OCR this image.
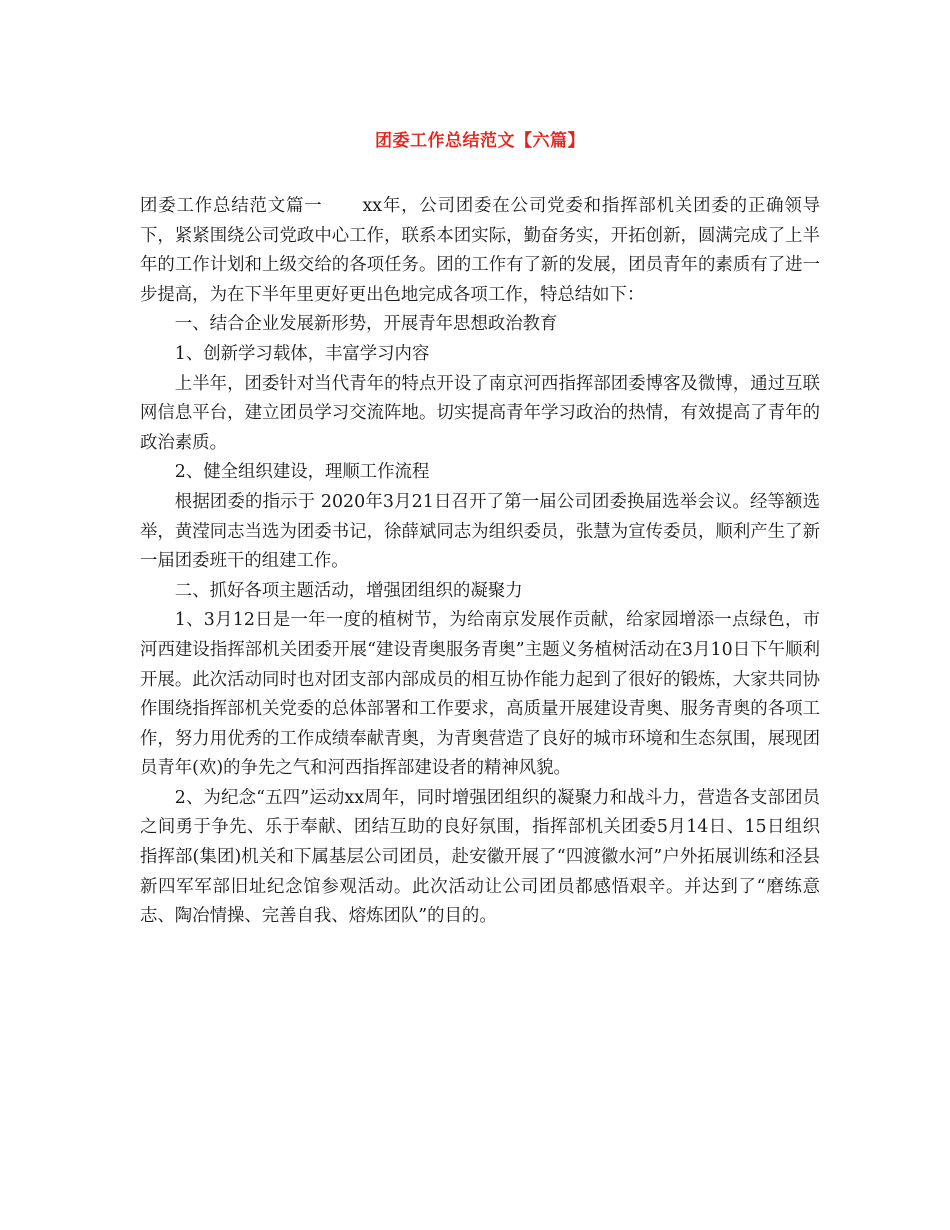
团委工作总结范文【六篇】

团委工作总结范文篇一 xx年，公司团委在公司党委和指挥部机关团委的正确领导下，紧紧围绕公司党政中心工作，联系本团实际，勤奋务实，开拓创新，圆满完成了上半年的工作计划和上级交给的各项任务。团的工作有了新的发展，团员青年的素质有了进一步提高，为在下半年里更好更出色地完成各项工作，特总结如下：

一、结合企业发展新形势，开展青年思想政治教育

1、创新学习载体，丰富学习内容

上半年，团委针对当代青年的特点开设了南京河西指挥部团委博客及微博，通过互联网信息平台，建立团员学习交流阵地。切实提高青年学习政治的热情，有效提高了青年的政治素质。

2、健全组织建设，理顺工作流程

根据团委的指示于 2020年3月21日召开了第一届公司团委换届选举会议。经等额选举，黄滢同志当选为团委书记，徐薛斌同志为组织委员，张慧为宣传委员，顺利产生了新一届团委班干的组建工作。

二、抓好各项主题活动，增强团组织的凝聚力

1、3月12日是一年一度的植树节，为给南京发展作贡献，给家园增添一点绿色，市河西建设指挥部机关团委开展“建设青奥服务青奥”主题义务植树活动在3月10日下午顺利开展。此次活动同时也对团支部内部成员的相互协作能力起到了很好的锻炼，大家共同协作围绕指挥部机关党委的总体部署和工作要求，高质量开展建设青奥、服务青奥的各项工作，努力用优秀的工作成绩奉献青奥，为青奥营造了良好的城市环境和生态氛围，展现团员青年(欢)的争先之气和河西指挥部建设者的精神风貌。

2、为纪念“五四”运动xx周年，同时增强团组织的凝聚力和战斗力，营造各支部团员之间勇于争先、乐于奉献、团结互助的良好氛围，指挥部机关团委5月14日、15日组织指挥部(集团)机关和下属基层公司团员，赴安徽开展了“四渡徽水河”户外拓展训练和泾县新四军军部旧址纪念馆参观活动。此次活动让公司团员都感悟艰辛。并达到了“磨练意志、陶冶情操、完善自我、熔炼团队”的目的。
